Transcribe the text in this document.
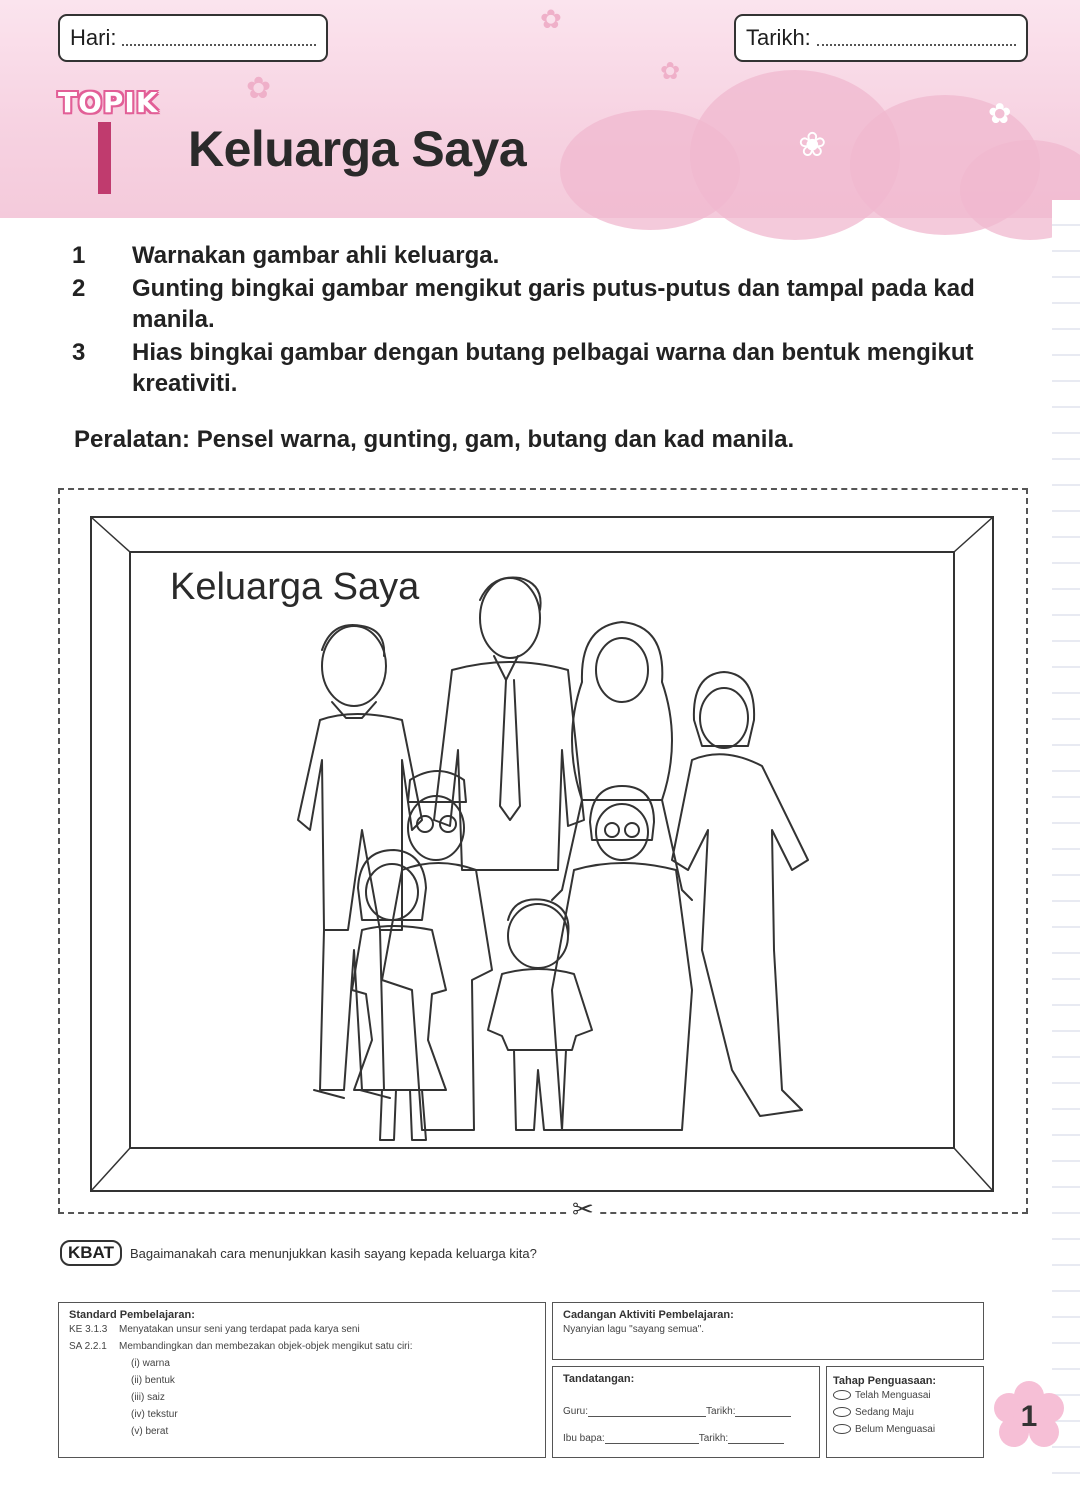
❀
✿
✿
✿
✿
Hari:	Tarikh:
TOPIK
Keluarga Saya
1	Warnakan gambar ahli keluarga.
2	Gunting bingkai gambar mengikut garis putus-putus dan tampal pada kad manila.
3	Hias bingkai gambar dengan butang pelbagai warna dan bentuk mengikut kreativiti.
Peralatan: Pensel warna, gunting, gam, butang dan kad manila.
✂
Keluarga Saya
KBAT	Bagaimanakah cara menunjukkan kasih sayang kepada keluarga kita?
Standard Pembelajaran:
KE 3.1.3	Menyatakan unsur seni yang terdapat pada karya seni
SA 2.2.1	Membandingkan dan membezakan objek-objek mengikut satu ciri:
(i) warna
(ii) bentuk
(iii) saiz
(iv) tekstur
(v) berat
Cadangan Aktiviti Pembelajaran:
Nyanyian lagu "sayang semua".
Tandatangan:
Guru:	Tarikh:
Ibu bapa:	Tarikh:
Tahap Penguasaan:
Telah Menguasai
Sedang Maju
Belum Menguasai	1
